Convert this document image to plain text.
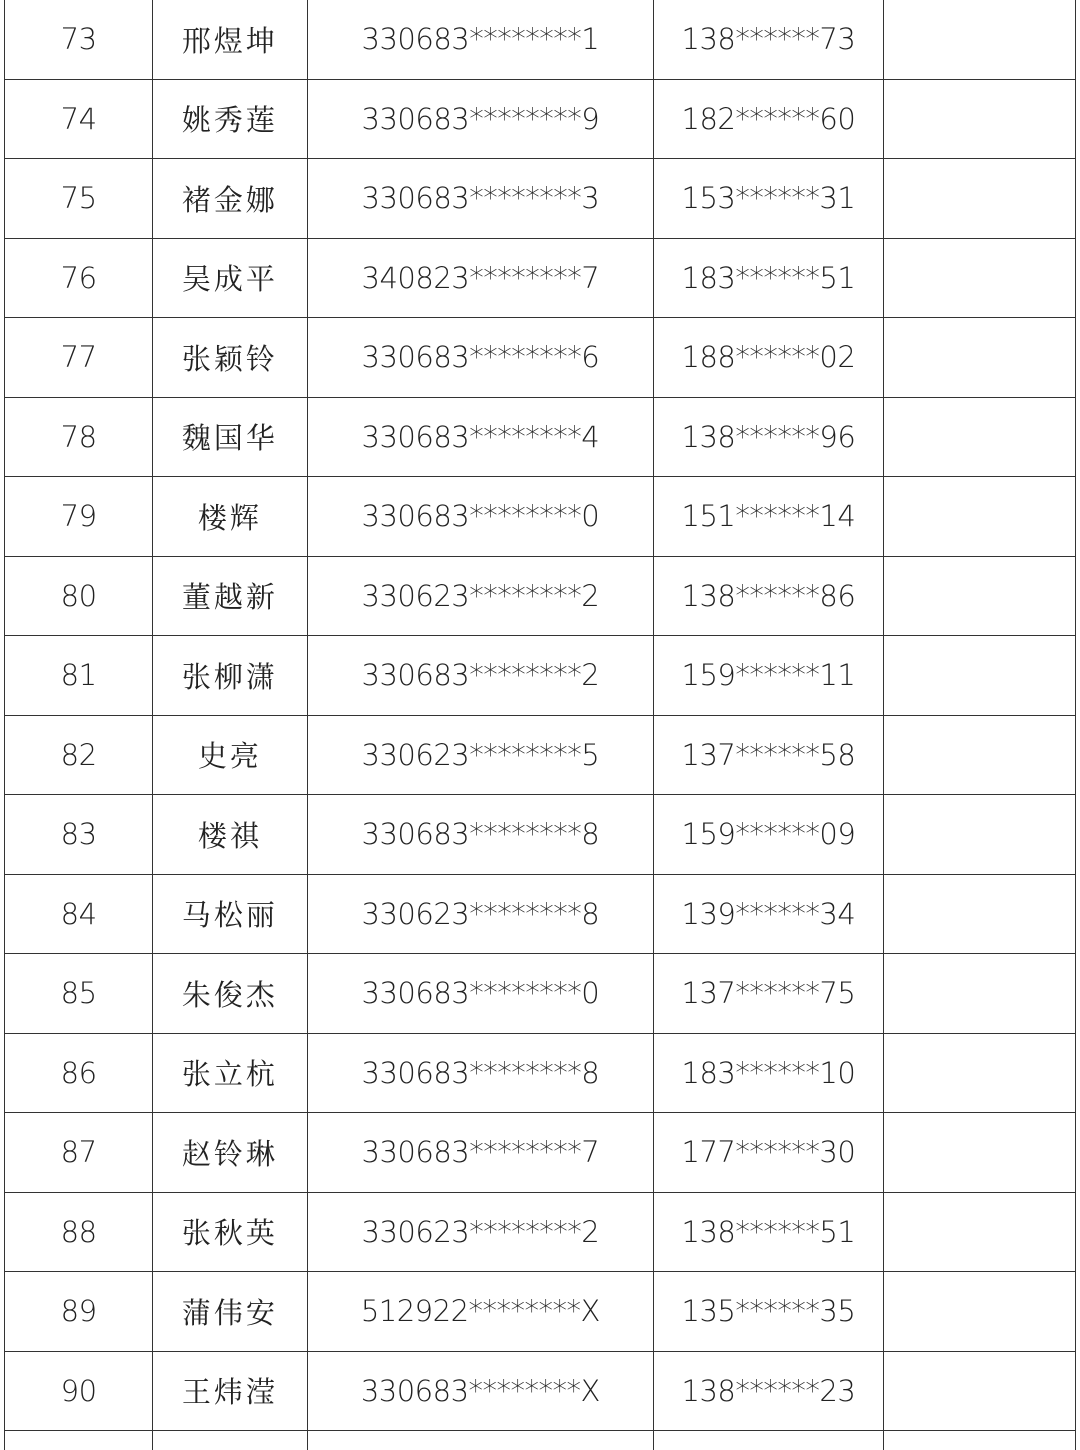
73	邢煜坤	330683********1	138******73	
74	姚秀莲	330683********9	182******60	
75	褚金娜	330683********3	153******31	
76	吴成平	340823********7	183******51	
77	张颖铃	330683********6	188******02	
78	魏国华	330683********4	138******96	
79	楼辉	330683********0	151******14	
80	董越新	330623********2	138******86	
81	张柳潇	330683********2	159******11	
82	史亮	330623********5	137******58	
83	楼祺	330683********8	159******09	
84	马松丽	330623********8	139******34	
85	朱俊杰	330683********0	137******75	
86	张立杭	330683********8	183******10	
87	赵铃琳	330683********7	177******30	
88	张秋英	330623********2	138******51	
89	蒲伟安	512922********X	135******35	
90	王炜滢	330683********X	138******23	
